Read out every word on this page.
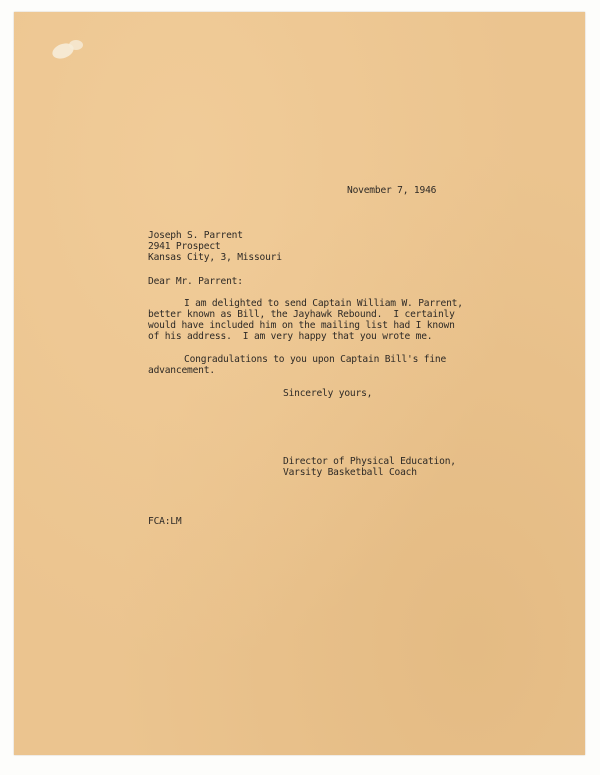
November 7, 1946
Joseph S. Parrent
2941 Prospect
Kansas City, 3, Missouri
Dear Mr. Parrent:
I am delighted to send Captain William W. Parrent,
better known as Bill, the Jayhawk Rebound.  I certainly
would have included him on the mailing list had I known
of his address.  I am very happy that you wrote me.
Congradulations to you upon Captain Bill's fine
advancement.
Sincerely yours,
Director of Physical Education,
Varsity Basketball Coach
FCA:LM
